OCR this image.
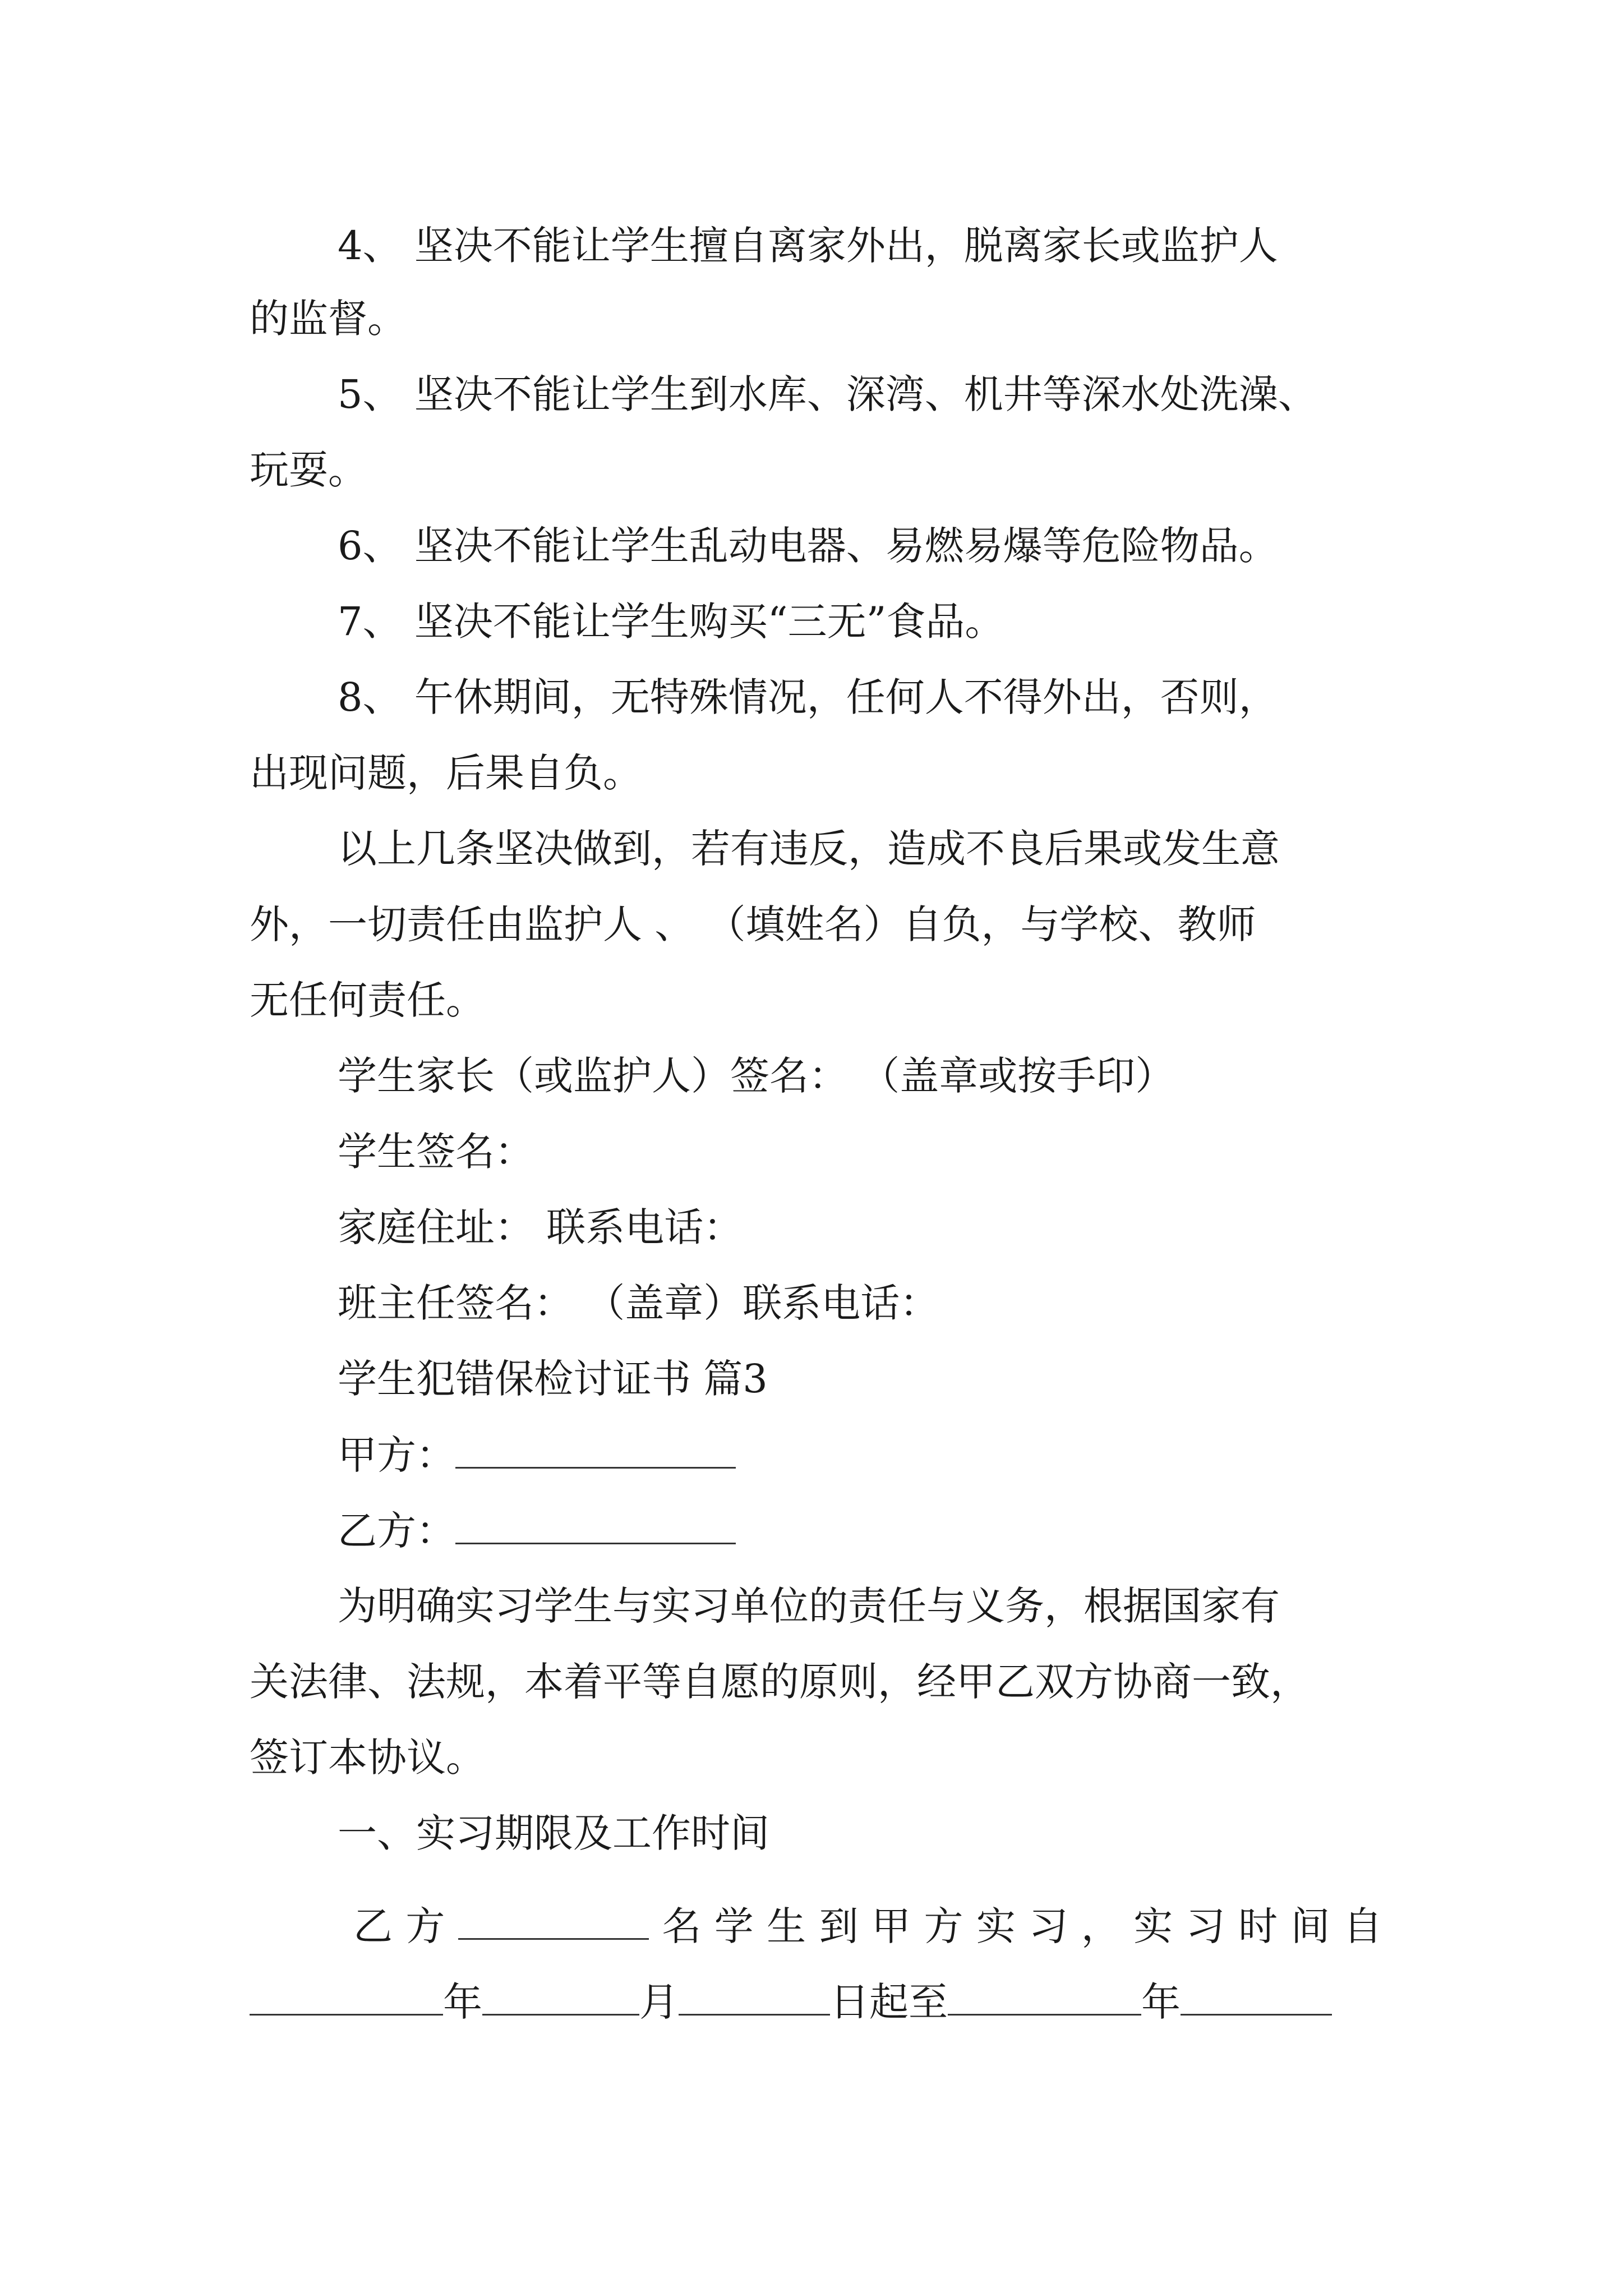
4、 坚决不能让学生擅自离家外出，脱离家长或监护人
的监督。
5、 坚决不能让学生到水库、深湾、机井等深水处洗澡、
玩耍。
6、 坚决不能让学生乱动电器、易燃易爆等危险物品。
7、 坚决不能让学生购买“三无”食品。
8、 午休期间，无特殊情况，任何人不得外出，否则，
出现问题，后果自负。
以上几条坚决做到，若有违反，造成不良后果或发生意
外，一切责任由监护人 、 （填姓名）自负，与学校、教师
无任何责任。
学生家长（或监护人）签名： （盖章或按手印）
学生签名：
家庭住址： 联系电话：
班主任签名： （盖章）联系电话：
学生犯错保检讨证书 篇3
甲方：
乙方：
为明确实习学生与实习单位的责任与义务，根据国家有
关法律、法规，本着平等自愿的原则，经甲乙双方协商一致，
签订本协议。
一、实习期限及工作时间
乙方	名学生到甲方实习，实习时间自
年	月	日起至	年
